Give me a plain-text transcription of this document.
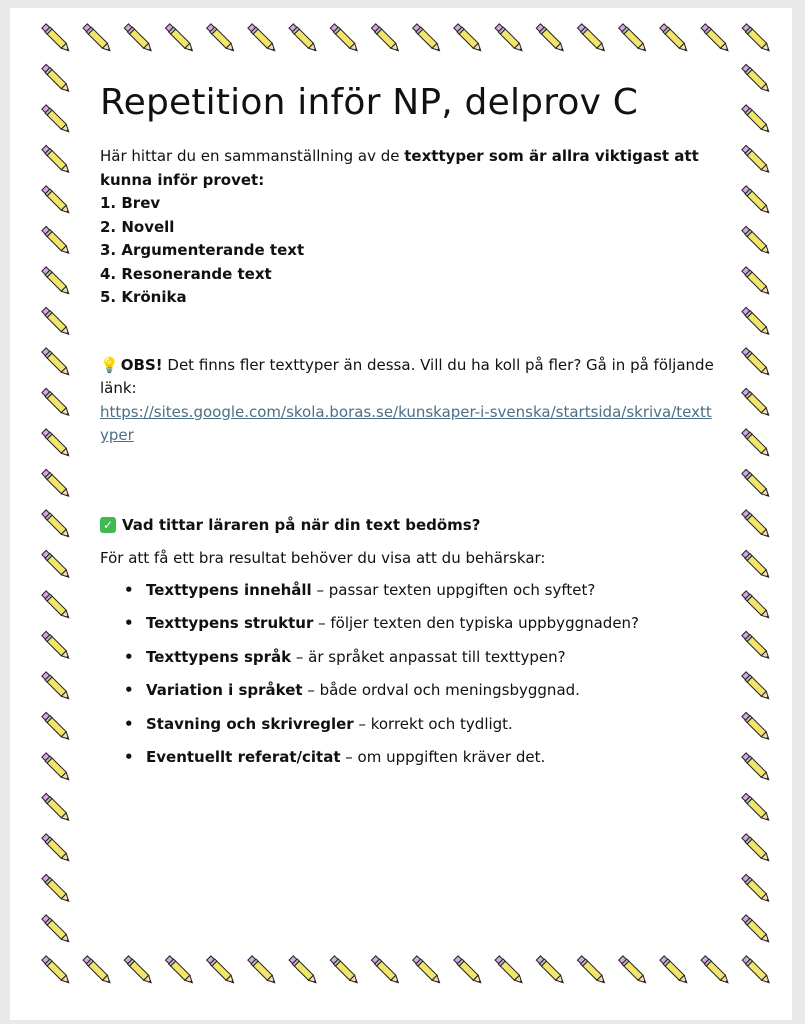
Repetition inför NP, delprov C

Här hittar du en sammanställning av de texttyper som är allra viktigast att kunna inför provet:

1. Brev
2. Novell
3. Argumenterande text
4. Resonerande text
5. Krönika

💡 OBS! Det finns fler texttyper än dessa. Vill du ha koll på fler? Gå in på följande länk:
https://sites.google.com/skola.boras.se/kunskaper-i-svenska/startsida/skriva/texttyper

✓ Vad tittar läraren på när din text bedöms?

För att få ett bra resultat behöver du visa att du behärskar:

• Texttypens innehåll – passar texten uppgiften och syftet?
• Texttypens struktur – följer texten den typiska uppbyggnaden?
• Texttypens språk – är språket anpassat till texttypen?
• Variation i språket – både ordval och meningsbyggnad.
• Stavning och skrivregler – korrekt och tydligt.
• Eventuellt referat/citat – om uppgiften kräver det.
